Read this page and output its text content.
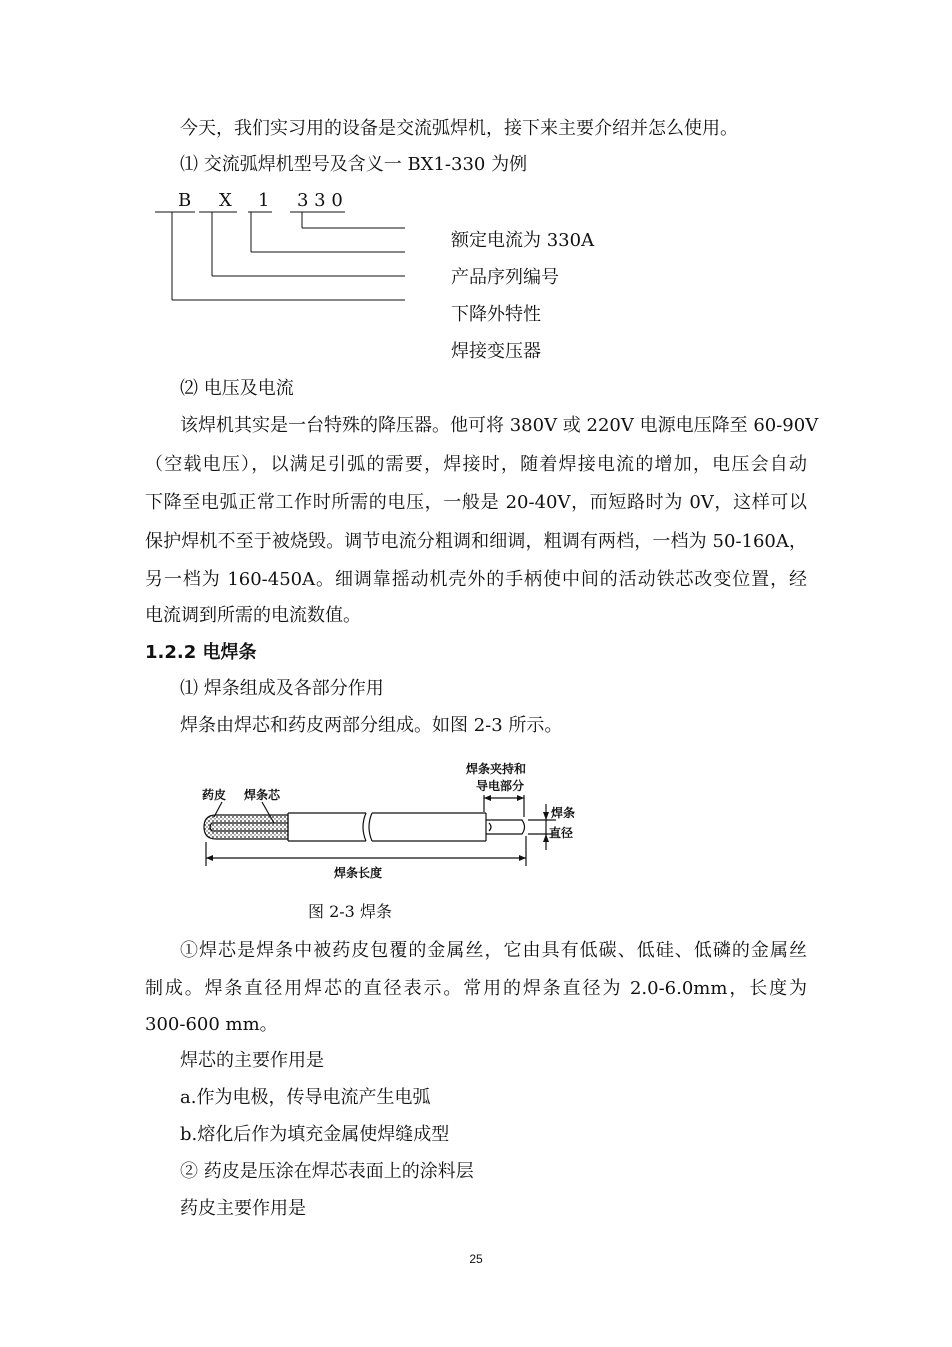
今天，我们实习用的设备是交流弧焊机，接下来主要介绍并怎么使用。
⑴ 交流弧焊机型号及含义一 BX1-330 为例
B X 1 3 3 0
额定电流为 330A
产品序列编号
下降外特性
焊接变压器
⑵ 电压及电流
该焊机其实是一台特殊的降压器。他可将 380V 或 220V 电源电压降至 60-90V
（空载电压），以满足引弧的需要，焊接时，随着焊接电流的增加，电压会自动
下降至电弧正常工作时所需的电压，一般是 20-40V，而短路时为 0V，这样可以
保护焊机不至于被烧毁。调节电流分粗调和细调，粗调有两档，一档为 50-160A，
另一档为 160-450A。细调靠摇动机壳外的手柄使中间的活动铁芯改变位置，经
电流调到所需的电流数值。
1.2.2 电焊条
⑴ 焊条组成及各部分作用
焊条由焊芯和药皮两部分组成。如图 2-3 所示。
焊条夹持和
导电部分
药皮 焊条芯
焊条
直径
焊条长度
图 2-3 焊条
①焊芯是焊条中被药皮包覆的金属丝，它由具有低碳、低硅、低磷的金属丝
制成。焊条直径用焊芯的直径表示。常用的焊条直径为 2.0-6.0mm，长度为
300-600 mm。
焊芯的主要作用是
a.作为电极，传导电流产生电弧
b.熔化后作为填充金属使焊缝成型
② 药皮是压涂在焊芯表面上的涂料层
药皮主要作用是
25
